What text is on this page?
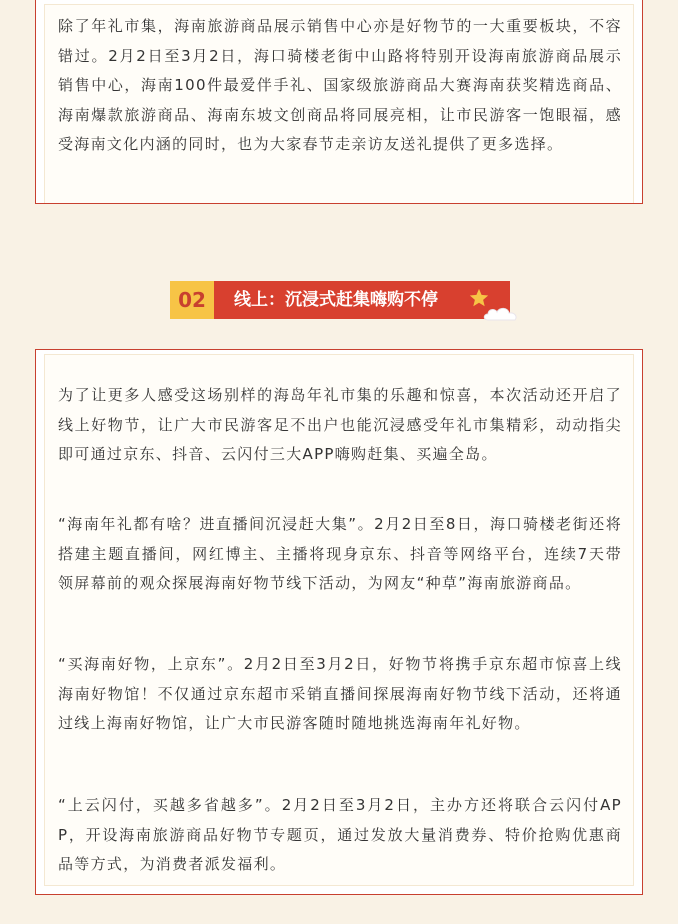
除了年礼市集，海南旅游商品展示销售中心亦是好物节的一大重要板块，不容错过。2月2日至3月2日，海口骑楼老街中山路将特别开设海南旅游商品展示销售中心，海南100件最爱伴手礼、国家级旅游商品大赛海南获奖精选商品、海南爆款旅游商品、海南东坡文创商品将同展亮相，让市民游客一饱眼福，感受海南文化内涵的同时，也为大家春节走亲访友送礼提供了更多选择。

02	线上：沉浸式赶集嗨购不停

为了让更多人感受这场别样的海岛年礼市集的乐趣和惊喜，本次活动还开启了线上好物节，让广大市民游客足不出户也能沉浸感受年礼市集精彩，动动指尖即可通过京东、抖音、云闪付三大APP嗨购赶集、买遍全岛。

“海南年礼都有啥？进直播间沉浸赶大集”。2月2日至8日，海口骑楼老街还将搭建主题直播间，网红博主、主播将现身京东、抖音等网络平台，连续7天带领屏幕前的观众探展海南好物节线下活动，为网友“种草”海南旅游商品。

“买海南好物，上京东”。2月2日至3月2日，好物节将携手京东超市惊喜上线海南好物馆！不仅通过京东超市采销直播间探展海南好物节线下活动，还将通过线上海南好物馆，让广大市民游客随时随地挑选海南年礼好物。

“上云闪付，买越多省越多”。2月2日至3月2日，主办方还将联合云闪付APP，开设海南旅游商品好物节专题页，通过发放大量消费券、特价抢购优惠商品等方式，为消费者派发福利。
